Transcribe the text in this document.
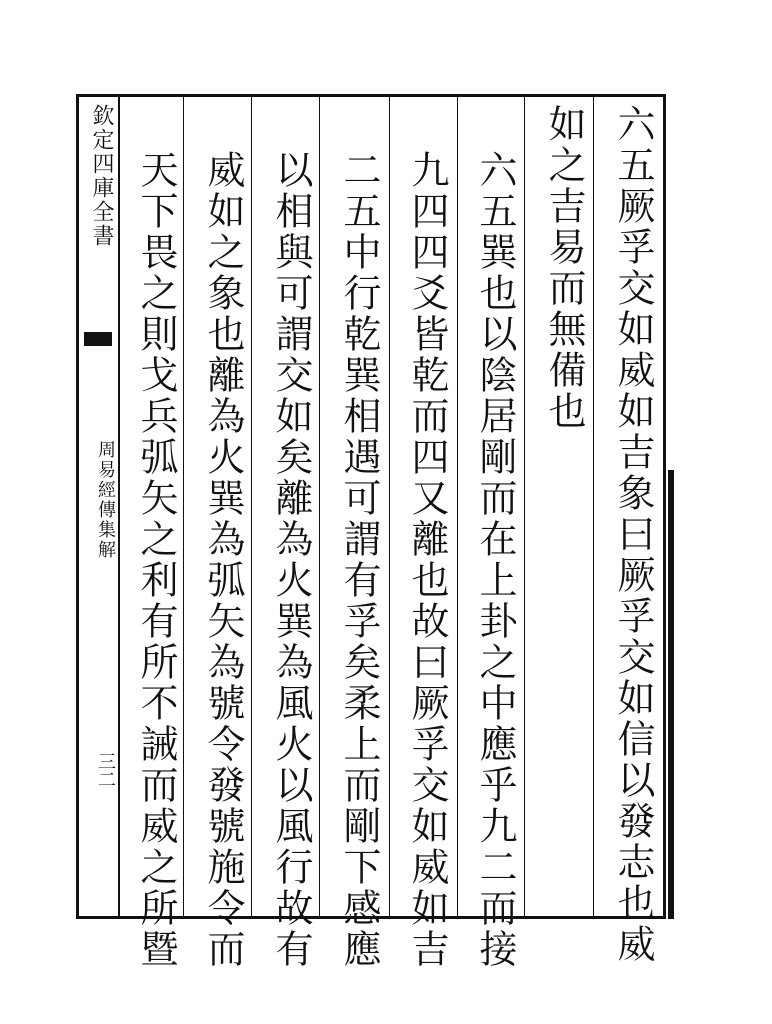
欽定四庫全書
周易經傳集解
三二	六五厥孚交如威如吉象曰厥孚交如信以發志也威
如之吉易而無備也
六五巽也以陰居剛而在上卦之中應乎九二而接
九四四爻皆乾而四又離也故曰厥孚交如威如吉
二五中行乾巽相遇可謂有孚矣柔上而剛下感應
以相與可謂交如矣離為火巽為風火以風行故有
威如之象也離為火巽為弧矢為號令發號施令而
天下畏之則戈兵弧矢之利有所不誡而威之所暨
